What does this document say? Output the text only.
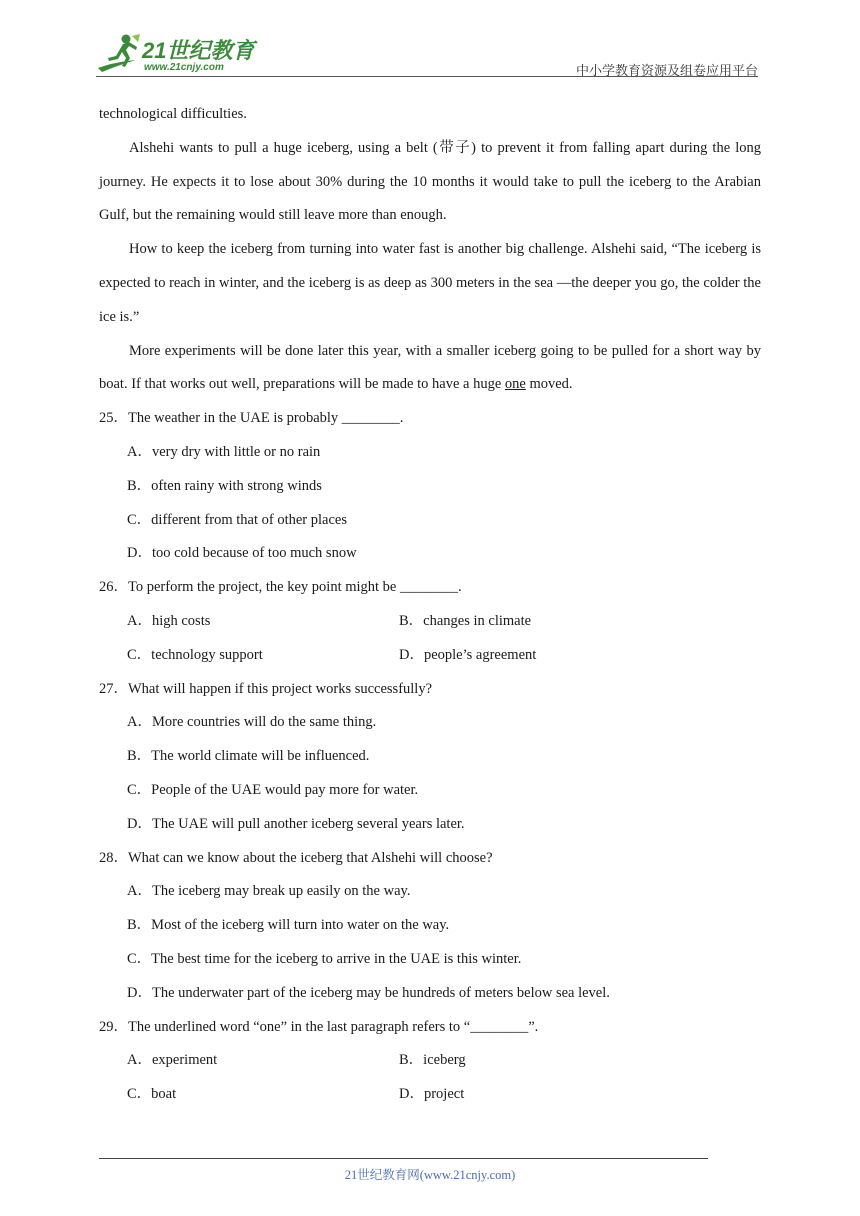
21世纪教育
www.21cnjy.com	中小学教育资源及组卷应用平台

technological difficulties.

Alshehi wants to pull a huge iceberg, using a belt (带子) to prevent it from falling apart during the long journey. He expects it to lose about 30% during the 10 months it would take to pull the iceberg to the Arabian Gulf, but the remaining would still leave more than enough.

How to keep the iceberg from turning into water fast is another big challenge. Alshehi said, “The iceberg is expected to reach in winter, and the iceberg is as deep as 300 meters in the sea —the deeper you go, the colder the ice is.”

More experiments will be done later this year, with a smaller iceberg going to be pulled for a short way by boat. If that works out well, preparations will be made to have a huge one moved.

25．The weather in the UAE is probably ________.

A．very dry with little or no rain

B．often rainy with strong winds

C．different from that of other places

D．too cold because of too much snow

26．To perform the project, the key point might be ________.

A．high costs	B．changes in climate
C．technology support	D．people’s agreement

27．What will happen if this project works successfully?

A．More countries will do the same thing.

B．The world climate will be influenced.

C．People of the UAE would pay more for water.

D．The UAE will pull another iceberg several years later.

28．What can we know about the iceberg that Alshehi will choose?

A．The iceberg may break up easily on the way.

B．Most of the iceberg will turn into water on the way.

C．The best time for the iceberg to arrive in the UAE is this winter.

D．The underwater part of the iceberg may be hundreds of meters below sea level.

29．The underlined word “one” in the last paragraph refers to “________”.

A．experiment	B．iceberg
C．boat	D．project
21世纪教育网(www.21cnjy.com)
